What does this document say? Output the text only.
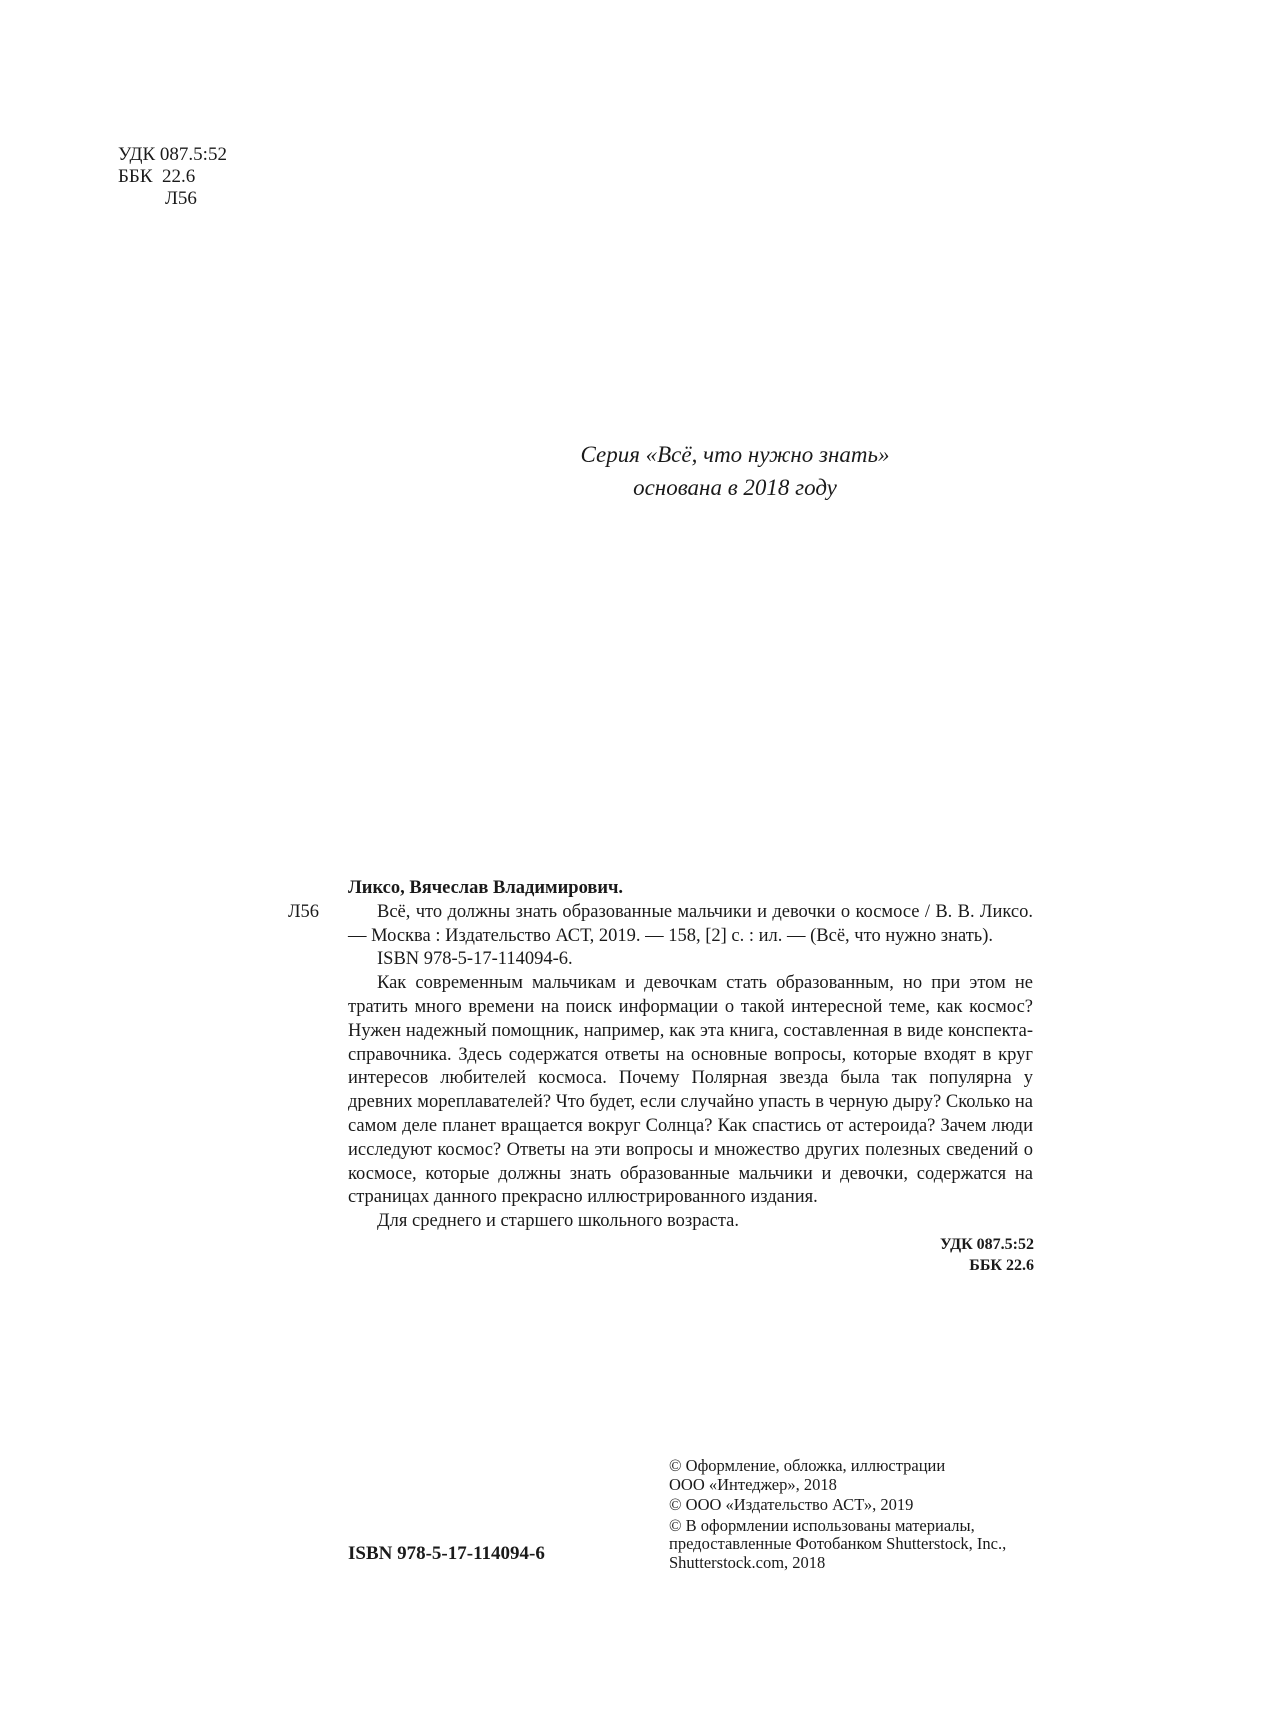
УДК 087.5:52
ББК  22.6
Л56
Серия «Всё, что нужно знать»
основана в 2018 году
Л56
Ликсо, Вячеслав Владимирович.

Всё, что должны знать образованные мальчики и девочки о космосе / В. В. Ликсо. — Москва : Издательство АСТ, 2019. — 158, [2] с. : ил. — (Всё, что нужно знать).

ISBN 978-5-17-114094-6.

Как современным мальчикам и девочкам стать образованным, но при этом не тратить много времени на поиск информации о такой интересной теме, как космос? Нужен надежный помощник, например, как эта книга, составленная в виде конспекта-справочника. Здесь содержатся ответы на основные вопросы, которые входят в круг интересов любителей космоса. Почему Полярная звезда была так популярна у древних мореплавателей? Что будет, если случайно упасть в черную дыру? Сколько на самом деле планет вращается вокруг Солнца? Как спастись от астероида? Зачем люди исследуют космос? Ответы на эти вопросы и множество других полезных сведений о космосе, которые должны знать образованные мальчики и девочки, содержатся на страницах данного прекрасно иллюстрированного издания.

Для среднего и старшего школьного возраста.

УДК 087.5:52
ББК 22.6
ISBN 978-5-17-114094-6
© Оформление, обложка, иллюстрации
ООО «Интеджер», 2018
© ООО «Издательство АСТ», 2019
© В оформлении использованы материалы,
предоставленные Фотобанком Shutterstock, Inc.,
Shutterstock.com, 2018
